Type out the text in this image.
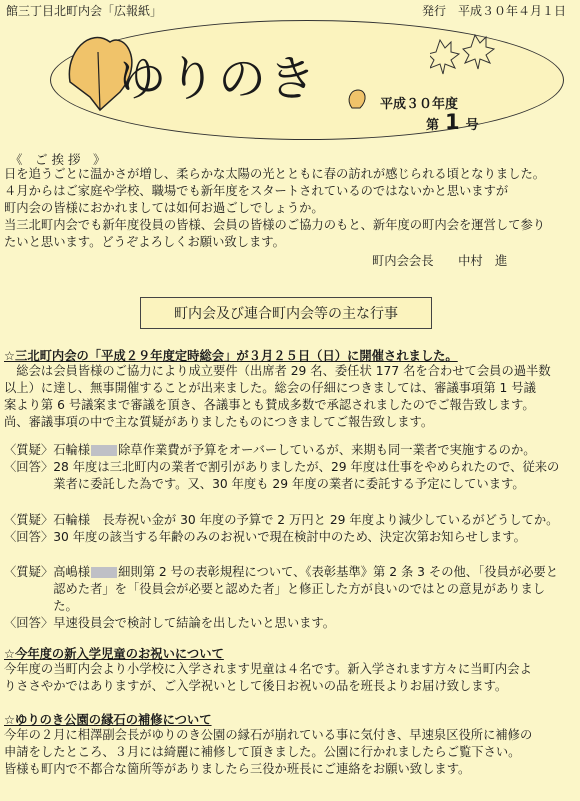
館三丁目北町内会「広報紙」	発行　平成３０年４月１日
ゆりのき	平成３０年度
第 1 号
《　ご 挨 拶　》
日を追うごとに温かさが増し、柔らかな太陽の光とともに春の訪れが感じられる頃となりました。
４月からはご家庭や学校、職場でも新年度をスタートされているのではないかと思いますが
町内会の皆様におかれましては如何お過ごしでしょうか。
当三北町内会でも新年度役員の皆様、会員の皆様のご協力のもと、新年度の町内会を運営して参り
たいと思います。どうぞよろしくお願い致します。
町内会会長　　中村　進
町内会及び連合町内会等の主な行事
☆三北町内会の「平成２９年度定時総会」が３月２５日（日）に開催されました。
　総会は会員皆様のご協力により成立要件（出席者 29 名、委任状 177 名を合わせて会員の過半数
以上）に達し、無事開催することが出来ました。総会の仔細につきましては、審議事項第 1 号議
案より第 6 号議案まで審議を頂き、各議事とも賛成多数で承認されましたのでご報告致します。
尚、審議事項の中で主な質疑がありましたものにつきましてご報告致します。
〈質疑〉石輪様 除草作業費が予算をオーバーしているが、来期も同一業者で実施するのか。
〈回答〉28 年度は三北町内の業者で割引がありましたが、29 年度は仕事をやめられたので、従来の
　　　　業者に委託した為です。又、30 年度も 29 年度の業者に委託する予定にしています。
〈質疑〉石輪様　長寿祝い金が 30 年度の予算で 2 万円と 29 年度より減少しているがどうしてか。
〈回答〉30 年度の該当する年齢のみのお祝いで現在検討中のため、決定次第お知らせします。
〈質疑〉高嶋様 細則第 2 号の表彰規程について、《表彰基準》第 2 条 3 その他、「役員が必要と
　　　　認めた者」を「役員会が必要と認めた者」と修正した方が良いのではとの意見がありまし
　　　　た。
〈回答〉早速役員会で検討して結論を出したいと思います。
☆今年度の新入学児童のお祝いについて
今年度の当町内会より小学校に入学されます児童は４名です。新入学されます方々に当町内会よ
りささやかではありますが、ご入学祝いとして後日お祝いの品を班長よりお届け致します。
☆ゆりのき公園の縁石の補修について
今年の２月に相澤副会長がゆりのき公園の縁石が崩れている事に気付き、早速泉区役所に補修の
申請をしたところ、３月には綺麗に補修して頂きました。公園に行かれましたらご覧下さい。
皆様も町内で不都合な箇所等がありましたら三役か班長にご連絡をお願い致します。
